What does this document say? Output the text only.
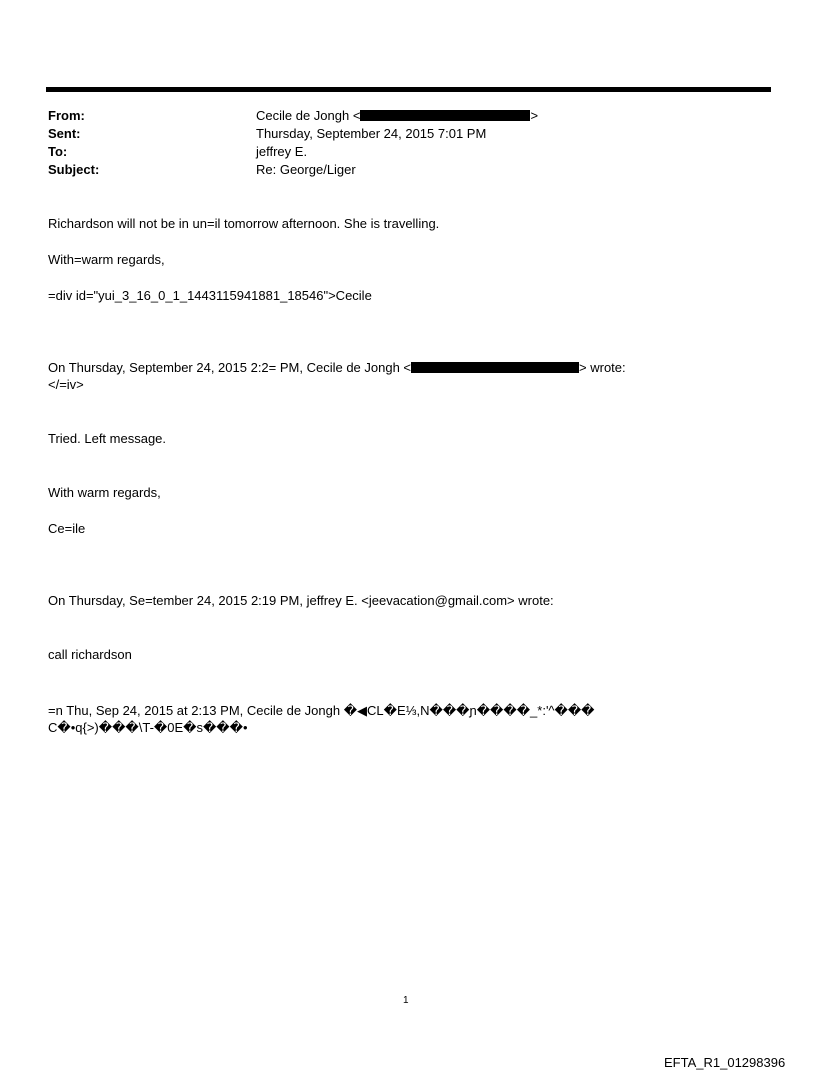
From:	Cecile de Jongh <	>
Sent:	Thursday, September 24, 2015 7:01 PM
To:	jeffrey E.
Subject:	Re: George/Liger
Richardson will not be in un=il tomorrow afternoon. She is travelling.
With=warm regards,
=div id="yui_3_16_0_1_1443115941881_18546">Cecile
On Thursday, September 24, 2015 2:2= PM, Cecile de Jongh <	> wrote:
</=iv>
Tried. Left message.
With warm regards,
Ce=ile
On Thursday, Se=tember 24, 2015 2:19 PM, jeffrey E. <jeevacation@gmail.com> wrote:
call richardson
=n Thu, Sep 24, 2015 at 2:13 PM, Cecile de Jongh �◀CL�E⅓,N���ɲ����_*:'^���
C�•q{>)���\T-�0E�s���•
1
EFTA_R1_01298396
